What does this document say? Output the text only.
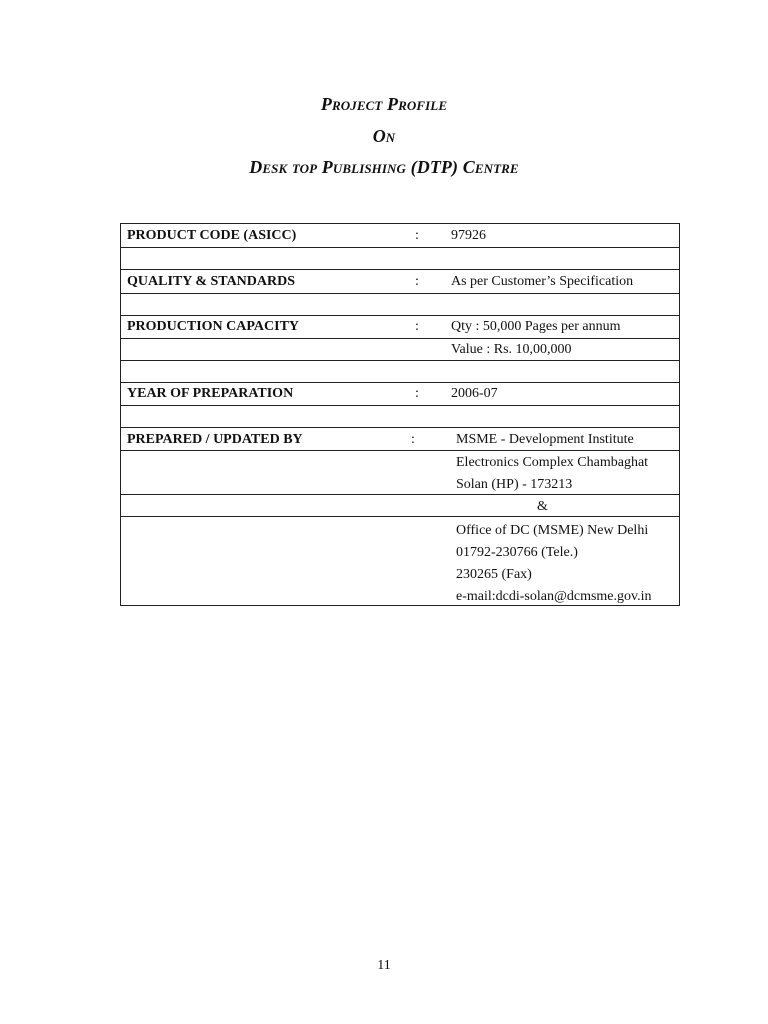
Project Profile
On
Desk top Publishing (DTP) Centre
PRODUCT CODE (ASICC)	: 97926
QUALITY & STANDARDS	: As per Customer’s Specification
PRODUCTION CAPACITY	: Qty : 50,000 Pages per annum
Value : Rs. 10,00,000
YEAR OF PREPARATION	: 2006-07
PREPARED / UPDATED BY	:	MSME - Development Institute
Electronics Complex Chambaghat
Solan (HP) - 173213
&
Office of DC (MSME) New Delhi
01792-230766 (Tele.)
230265 (Fax)
e-mail:dcdi-solan@dcmsme.gov.in
11
